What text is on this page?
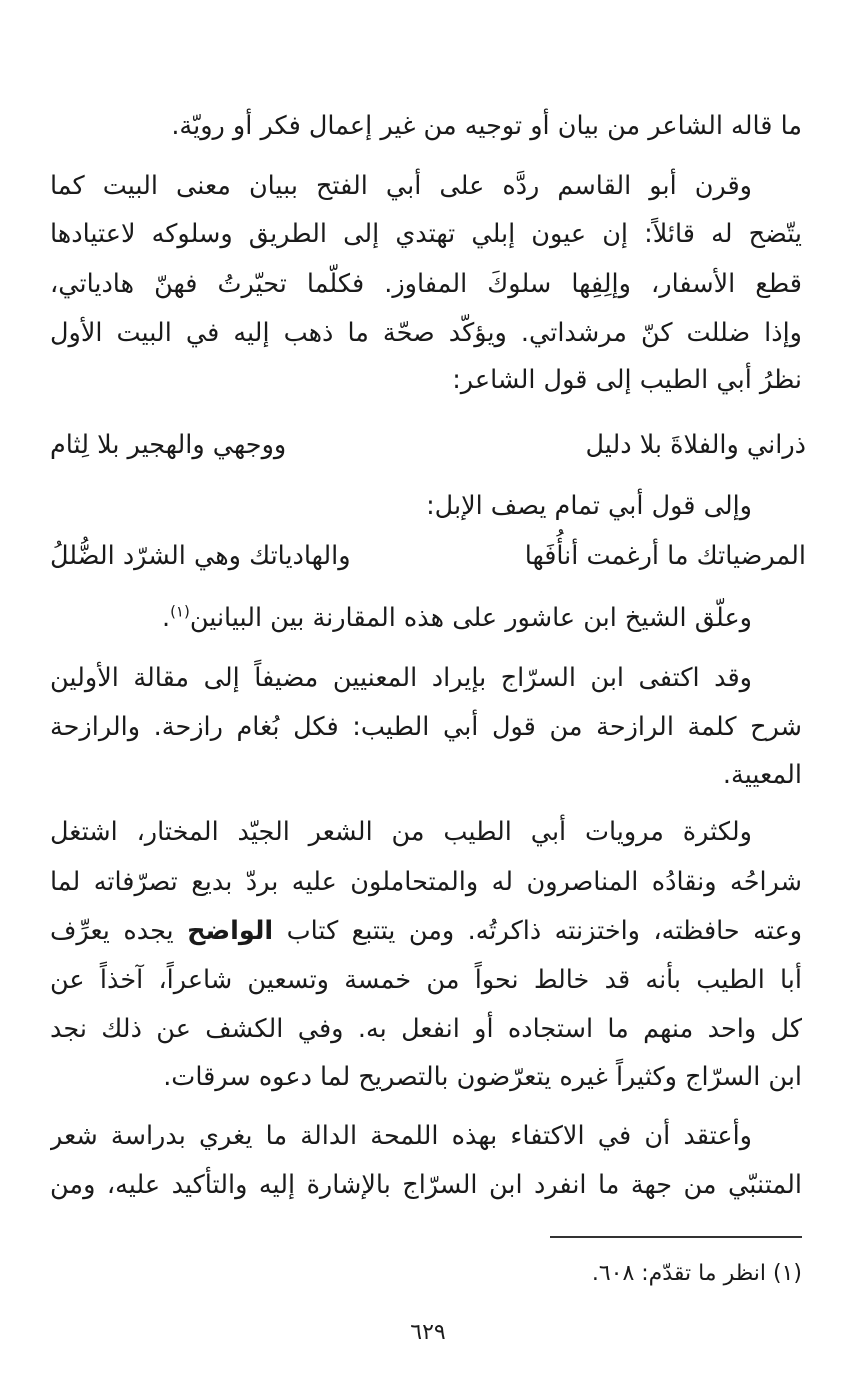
ما قاله الشاعر من بيان أو توجيه من غير إعمال فكر أو رويّة.
وقرن أبو القاسم ردَّه على أبي الفتح ببيان معنى البيت كما
يتّضح له قائلاً: إن عيون إبلي تهتدي إلى الطريق وسلوكه لاعتيادها
قطع الأسفار، وإلِفِها سلوكَ المفاوز. فكلّما تحيّرتُ فهنّ هادياتي،
وإذا ضللت كنّ مرشداتي. ويؤكّد صحّة ما ذهب إليه في البيت الأول
نظرُ أبي الطيب إلى قول الشاعر:
ذراني والفلاةَ بلا دليل
ووجهي والهجير بلا لِثام
وإلى قول أبي تمام يصف الإبل:
المرضياتك ما أرغمت أنأُفَها
والهادياتك وهي الشرّد الضُّللُ
وعلّق الشيخ ابن عاشور على هذه المقارنة بين البيانين$^{(١)}$.
وقد اكتفى ابن السرّاج بإيراد المعنيين مضيفاً إلى مقالة الأولين
شرح كلمة الرازحة من قول أبي الطيب: فكل بُغام رازحة. والرازحة
المعيية.
ولكثرة مرويات أبي الطيب من الشعر الجيّد المختار، اشتغل
شراحُه ونقادُه المناصرون له والمتحاملون عليه بردّ بديع تصرّفاته لما
وعته حافظته، واختزنته ذاكرتُه. ومن يتتبع كتاب الواضح يجده يعرِّف
أبا الطيب بأنه قد خالط نحواً من خمسة وتسعين شاعراً، آخذاً عن
كل واحد منهم ما استجاده أو انفعل به. وفي الكشف عن ذلك نجد
ابن السرّاج وكثيراً غيره يتعرّضون بالتصريح لما دعوه سرقات.
وأعتقد أن في الاكتفاء بهذه اللمحة الدالة ما يغري بدراسة شعر
المتنبّي من جهة ما انفرد ابن السرّاج بالإشارة إليه والتأكيد عليه، ومن
(١) انظر ما تقدّم: ٦٠٨.
٦٢٩
